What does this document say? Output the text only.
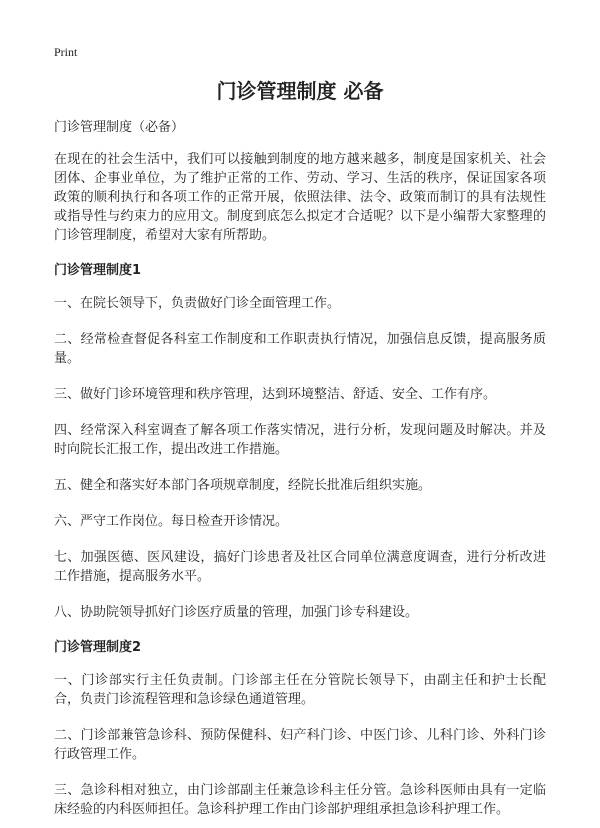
Print
门诊管理制度 必备
门诊管理制度（必备）

在现在的社会生活中，我们可以接触到制度的地方越来越多，制度是国家机关、社会团体、企事业单位，为了维护正常的工作、劳动、学习、生活的秩序，保证国家各项政策的顺利执行和各项工作的正常开展，依照法律、法令、政策而制订的具有法规性或指导性与约束力的应用文。制度到底怎么拟定才合适呢？以下是小编帮大家整理的门诊管理制度，希望对大家有所帮助。

门诊管理制度1

一、在院长领导下，负责做好门诊全面管理工作。

二、经常检查督促各科室工作制度和工作职责执行情况，加强信息反馈，提高服务质量。

三、做好门诊环境管理和秩序管理，达到环境整洁、舒适、安全、工作有序。

四、经常深入科室调查了解各项工作落实情况，进行分析，发现问题及时解决。并及时向院长汇报工作，提出改进工作措施。

五、健全和落实好本部门各项规章制度，经院长批准后组织实施。

六、严守工作岗位。每日检查开诊情况。

七、加强医德、医风建设，搞好门诊患者及社区合同单位满意度调查，进行分析改进工作措施，提高服务水平。

八、协助院领导抓好门诊医疗质量的管理，加强门诊专科建设。

门诊管理制度2

一、门诊部实行主任负责制。门诊部主任在分管院长领导下，由副主任和护士长配合，负责门诊流程管理和急诊绿色通道管理。

二、门诊部兼管急诊科、预防保健科、妇产科门诊、中医门诊、儿科门诊、外科门诊行政管理工作。

三、急诊科相对独立，由门诊部副主任兼急诊科主任分管。急诊科医师由具有一定临床经验的内科医师担任。急诊科护理工作由门诊部护理组承担急诊科护理工作。
